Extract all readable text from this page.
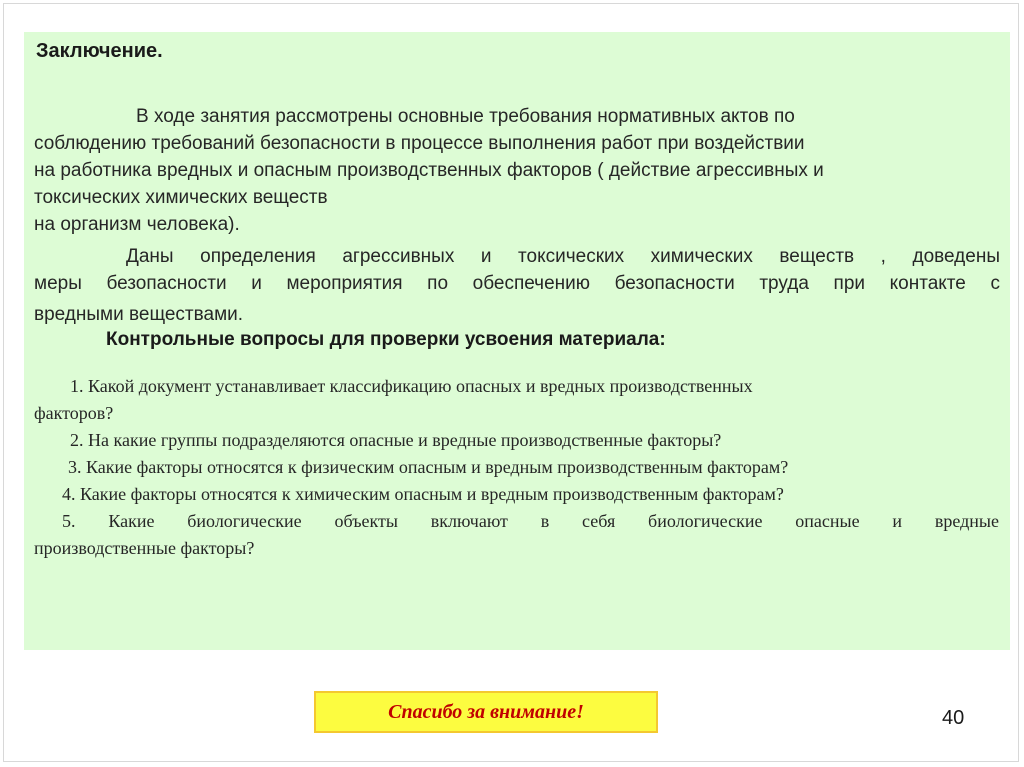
Заключение.

В ходе занятия рассмотрены основные требования нормативных актов по
соблюдению требований безопасности в процессе выполнения работ при воздействии
на работника вредных и опасным производственных факторов ( действие агрессивных и
токсических химических веществ
на организм человека).

Даны определения агрессивных и токсических химических веществ , доведены
меры безопасности и мероприятия по обеспечению безопасности труда при контакте с
вредными веществами.

Контрольные вопросы для проверки усвоения материала:
1. Какой документ устанавливает классификацию опасных и вредных производственных
факторов?
2. На какие группы подразделяются опасные и вредные производственные факторы?
3. Какие факторы относятся к физическим опасным и вредным производственным факторам?
4. Какие факторы относятся к химическим опасным и вредным производственным факторам?
5. Какие биологические объекты включают в себя биологические опасные и вредные
производственные факторы?
Спасибо за внимание!	40
